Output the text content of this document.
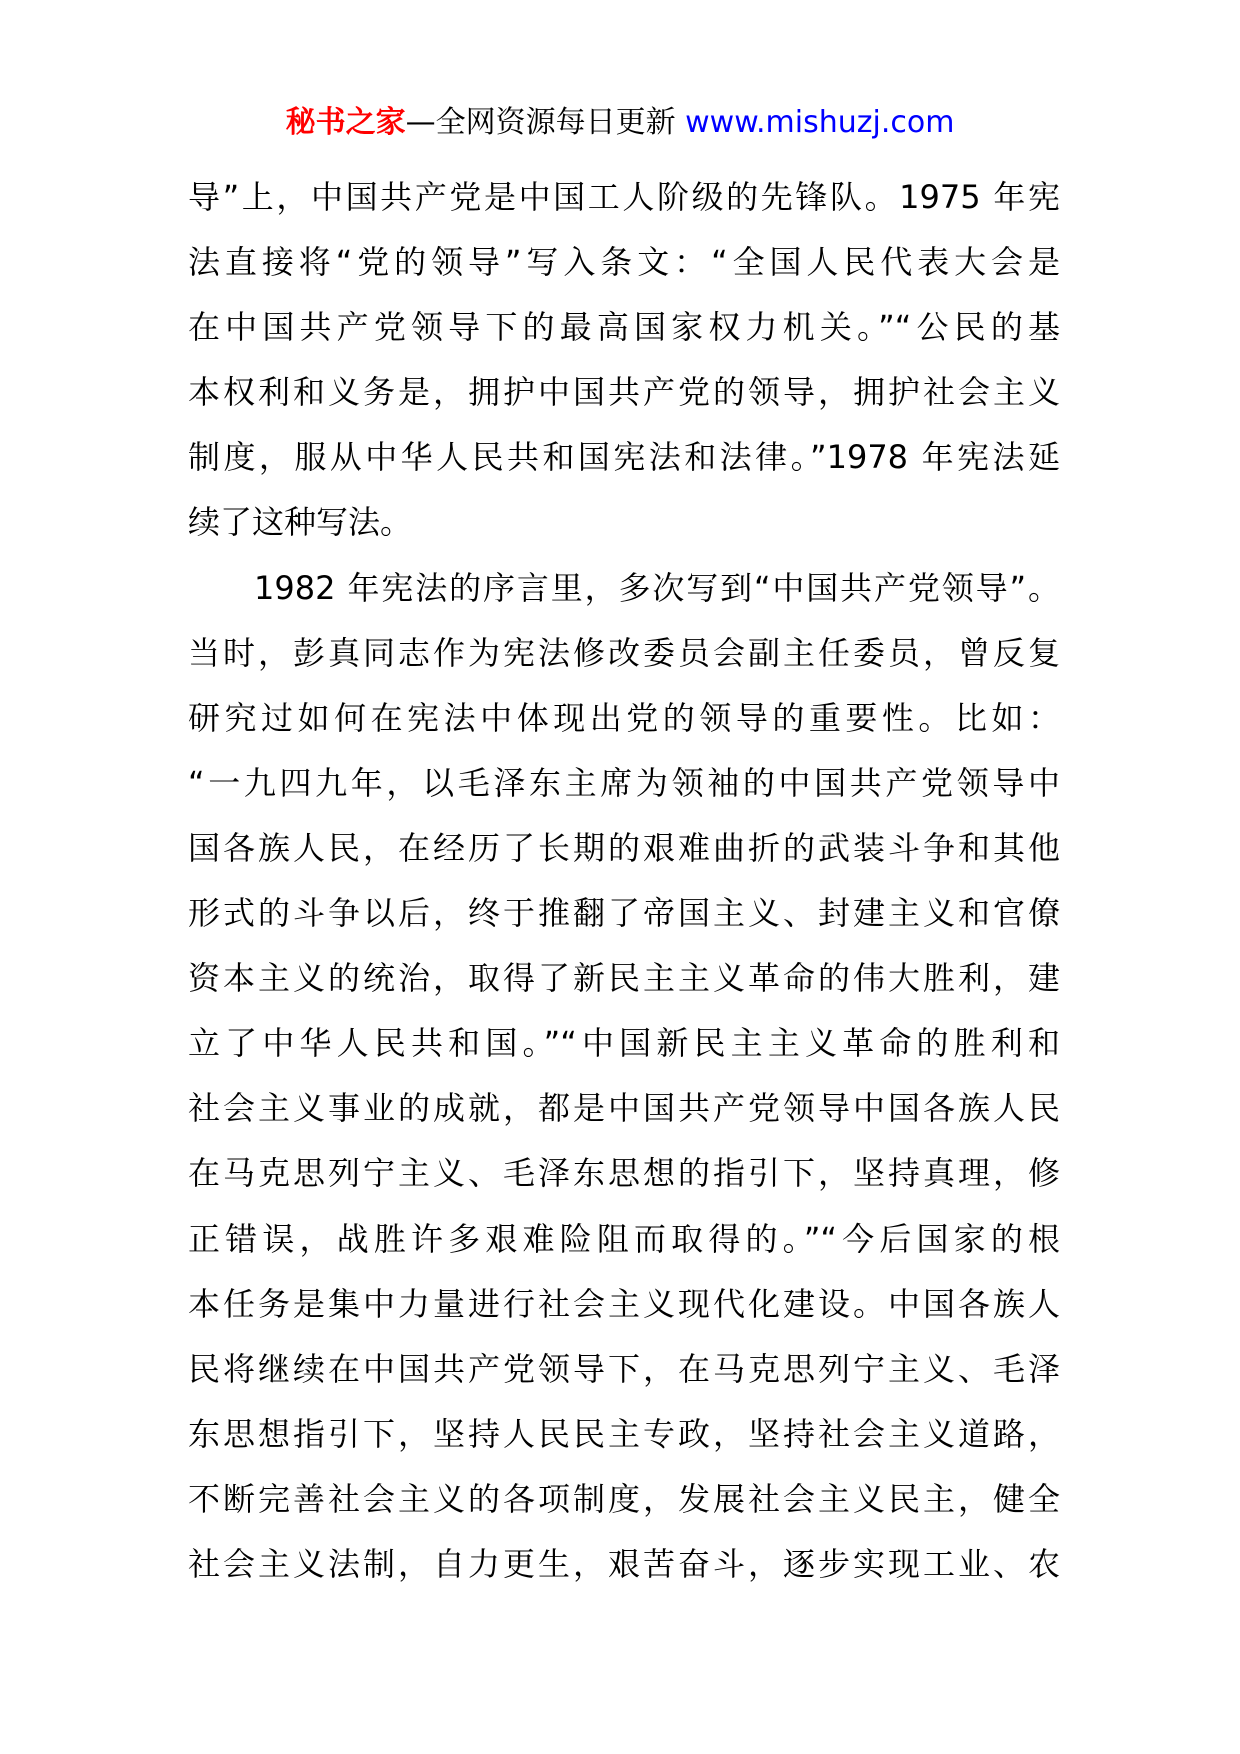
秘书之家—全网资源每日更新 www.mishuzj.com
导”上，中国共产党是中国工人阶级的先锋队。1975 年宪
法直接将“党的领导”写入条文：“全国人民代表大会是
在中国共产党领导下的最高国家权力机关。”“公民的基
本权利和义务是，拥护中国共产党的领导，拥护社会主义
制度，服从中华人民共和国宪法和法律。”1978 年宪法延
续了这种写法。
1982 年宪法的序言里，多次写到“中国共产党领导”。
当时，彭真同志作为宪法修改委员会副主任委员，曾反复
研究过如何在宪法中体现出党的领导的重要性。比如：
“一九四九年，以毛泽东主席为领袖的中国共产党领导中
国各族人民，在经历了长期的艰难曲折的武装斗争和其他
形式的斗争以后，终于推翻了帝国主义、封建主义和官僚
资本主义的统治，取得了新民主主义革命的伟大胜利，建
立了中华人民共和国。”“中国新民主主义革命的胜利和
社会主义事业的成就，都是中国共产党领导中国各族人民
在马克思列宁主义、毛泽东思想的指引下，坚持真理，修
正错误，战胜许多艰难险阻而取得的。”“今后国家的根
本任务是集中力量进行社会主义现代化建设。中国各族人
民将继续在中国共产党领导下，在马克思列宁主义、毛泽
东思想指引下，坚持人民民主专政，坚持社会主义道路，
不断完善社会主义的各项制度，发展社会主义民主，健全
社会主义法制，自力更生，艰苦奋斗，逐步实现工业、农
